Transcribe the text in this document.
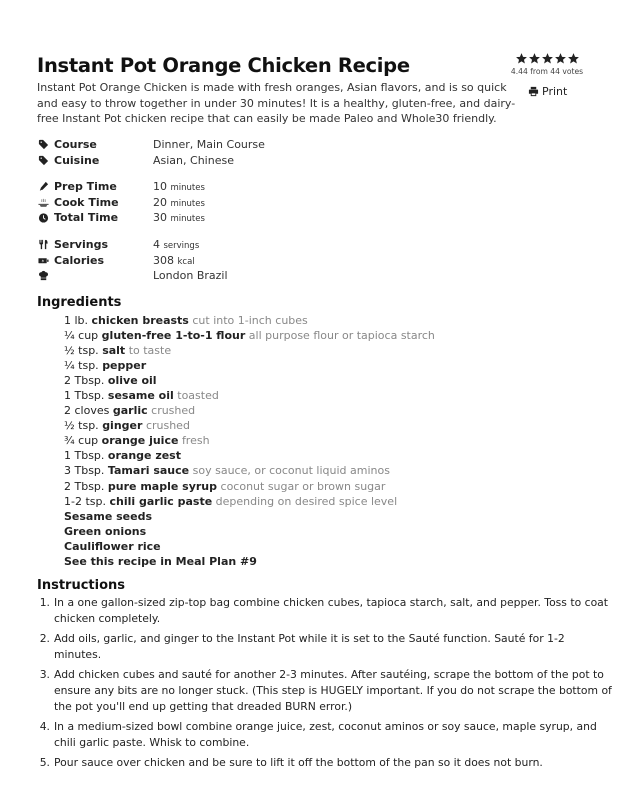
Instant Pot Orange Chicken Recipe

Instant Pot Orange Chicken is made with fresh oranges, Asian flavors, and is so quick and easy to throw together in under 30 minutes! It is a healthy, gluten-free, and dairy-free Instant Pot chicken recipe that can easily be made Paleo and Whole30 friendly.

4.44 from 44 votes
Print
Course	Dinner, Main Course
Cuisine	Asian, Chinese
Prep Time	10 minutes
Cook Time	20 minutes
Total Time	30 minutes
Servings	4 servings
Calories	308 kcal
London Brazil
Ingredients
1 lb. chicken breasts cut into 1-inch cubes
¼ cup gluten-free 1-to-1 flour all purpose flour or tapioca starch
½ tsp. salt to taste
¼ tsp. pepper
2 Tbsp. olive oil
1 Tbsp. sesame oil toasted
2 cloves garlic crushed
½ tsp. ginger crushed
¾ cup orange juice fresh
1 Tbsp. orange zest
3 Tbsp. Tamari sauce soy sauce, or coconut liquid aminos
2 Tbsp. pure maple syrup coconut sugar or brown sugar
1-2 tsp. chili garlic paste depending on desired spice level
Sesame seeds
Green onions
Cauliflower rice
See this recipe in Meal Plan #9
Instructions
1. In a one gallon-sized zip-top bag combine chicken cubes, tapioca starch, salt, and pepper. Toss to coat chicken completely.
2. Add oils, garlic, and ginger to the Instant Pot while it is set to the Sauté function. Sauté for 1-2 minutes.
3. Add chicken cubes and sauté for another 2-3 minutes. After sautéing, scrape the bottom of the pot to ensure any bits are no longer stuck. (This step is HUGELY important. If you do not scrape the bottom of the pot you'll end up getting that dreaded BURN error.)
4. In a medium-sized bowl combine orange juice, zest, coconut aminos or soy sauce, maple syrup, and chili garlic paste. Whisk to combine.
5. Pour sauce over chicken and be sure to lift it off the bottom of the pan so it does not burn.
